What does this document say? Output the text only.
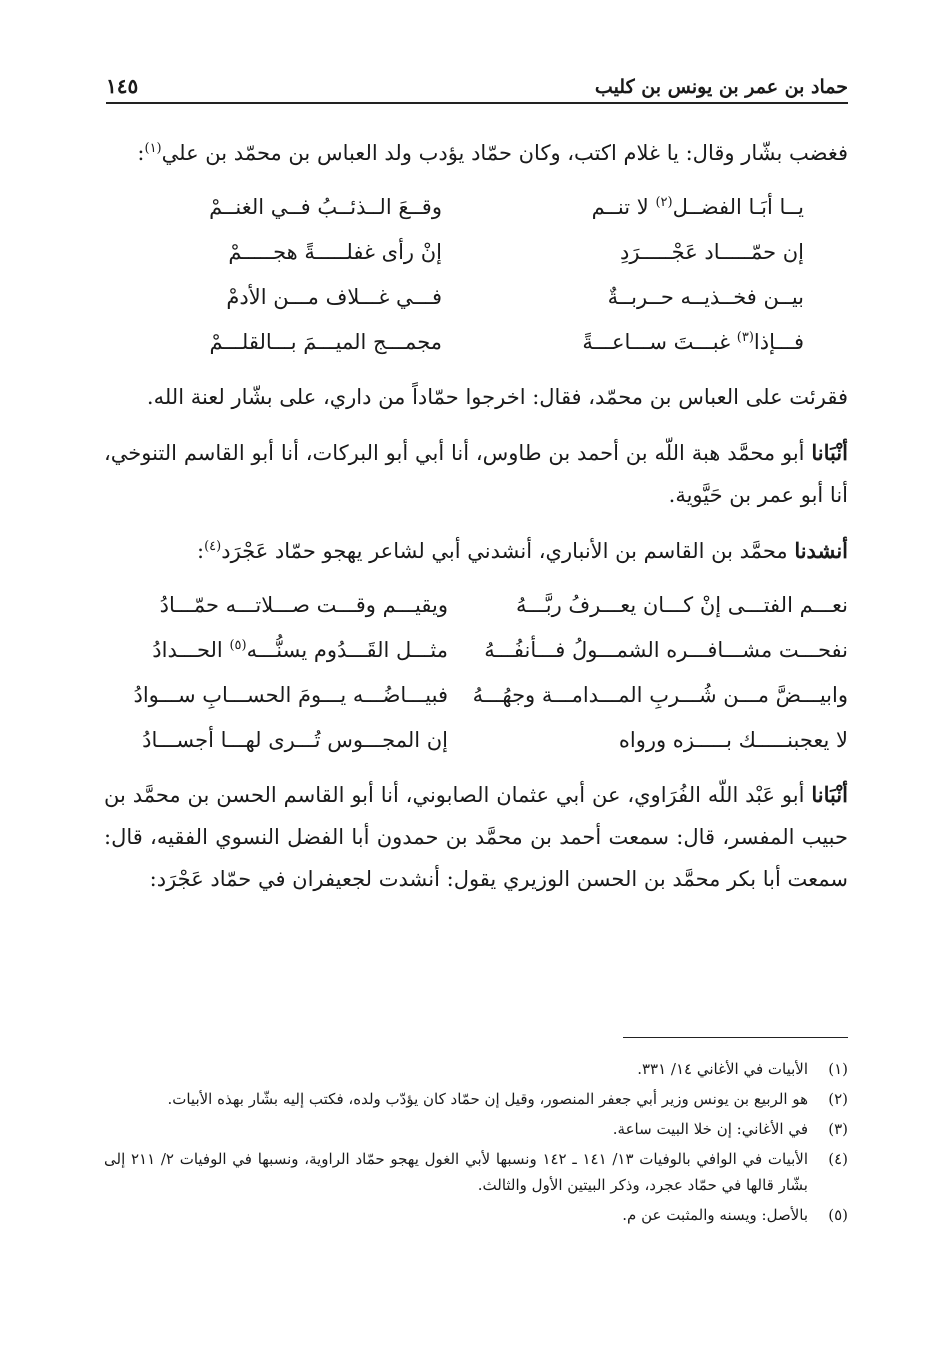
حماد بن عمر بن يونس بن كليب
١٤٥

فغضب بشّار وقال: يا غلام اكتب، وكان حمّاد يؤدب ولد العباس بن محمّد بن علي$^{(١)}$:

يــا أبَـا الفضــل$^{(٢)}$ لا تنــم
وقــعَ الــذئــبُ فــي الغنــمْ
إن حمّـــــاد عَجْـــــرَدِ
إنْ رأى غفلـــــةً هجـــــمْ
بيــن فخــذيــه حــربــةٌ
فـــي غـــلاف مـــن الأدمْ
فـــإذا$^{(٣)}$ غبـــتَ ســـاعـــةً
مجمـــج الميـــمَ بـــالقلـــمْ

فقرئت على العباس بن محمّد، فقال: اخرجوا حمّاداً من داري، على بشّار لعنة الله.

أنْبَانا أبو محمَّد هبة اللّه بن أحمد بن طاوس، أنا أبي أبو البركات، أنا أبو القاسم التنوخي، أنا أبو عمر بن حَيَّوية.

أنشدنا محمَّد بن القاسم بن الأنباري، أنشدني أبي لشاعر يهجو حمّاد عَجْرَد$^{(٤)}$:

نعـــم الفتـــى إنْ كـــان يعـــرفُ ربَّـــهُ
ويقيـــم وقـــت صـــلاتـــه حمّـــادُ
نفحـــت مشـــافـــره الشمـــولُ فـــأنفُـــهُ
مثـــل القَـــدُوم يسنُّـــه$^{(٥)}$ الحـــدادُ
وابيـــضَّ مـــن شُـــربِ المـــدامـــة وجهُـــهُ
فبيـــاضُـــه يـــومَ الحســـابِ ســـوادُ
لا يعجبنـــــك بـــــزه ورواه
إن المجـــوس تُـــرى لهـــا أجســـادُ

أنْبَانا أبو عَبْد اللّه الفُرَاوي، عن أبي عثمان الصابوني، أنا أبو القاسم الحسن بن محمَّد بن حبيب المفسر، قال: سمعت أحمد بن محمَّد بن حمدون أبا الفضل النسوي الفقيه، قال: سمعت أبا بكر محمَّد بن الحسن الوزيري يقول: أنشدت لجعيفران في حمّاد عَجْرَد:

(١)
الأبيات في الأغاني ١٤/ ٣٣١.
(٢)
هو الربيع بن يونس وزير أبي جعفر المنصور، وقيل إن حمّاد كان يؤدّب ولده، فكتب إليه بشّار بهذه الأبيات.
(٣)
في الأغاني: إن خلا البيت ساعة.
(٤)
الأبيات في الوافي بالوفيات ١٣/ ١٤١ ـ ١٤٢ ونسبها لأبي الغول يهجو حمّاد الراوية، ونسبها في الوفيات ٢/ ٢١١ إلى بشّار قالها في حمّاد عجرد، وذكر البيتين الأول والثالث.
(٥)
بالأصل: ويسنه والمثبت عن م.
